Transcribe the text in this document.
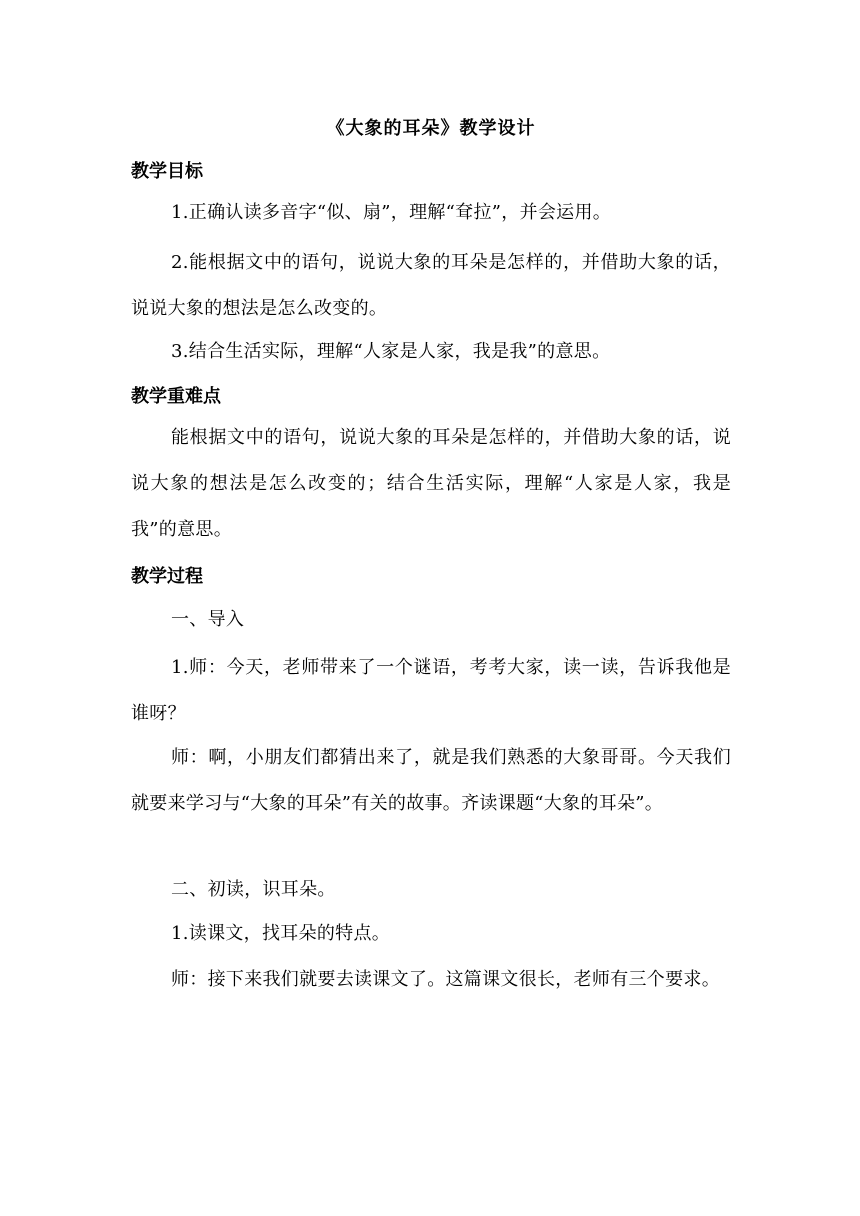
《大象的耳朵》教学设计
教学目标

1.正确认读多音字“似、扇”，理解“耷拉”，并会运用。

2.能根据文中的语句，说说大象的耳朵是怎样的，并借助大象的话，说说大象的想法是怎么改变的。

3.结合生活实际，理解“人家是人家，我是我”的意思。

教学重难点

能根据文中的语句，说说大象的耳朵是怎样的，并借助大象的话，说说大象的想法是怎么改变的；结合生活实际，理解“人家是人家，我是我”的意思。

教学过程

一、导入

1.师：今天，老师带来了一个谜语，考考大家，读一读，告诉我他是谁呀？

师：啊，小朋友们都猜出来了，就是我们熟悉的大象哥哥。今天我们就要来学习与“大象的耳朵”有关的故事。齐读课题“大象的耳朵”。

二、初读，识耳朵。

1.读课文，找耳朵的特点。

师：接下来我们就要去读课文了。这篇课文很长，老师有三个要求。
